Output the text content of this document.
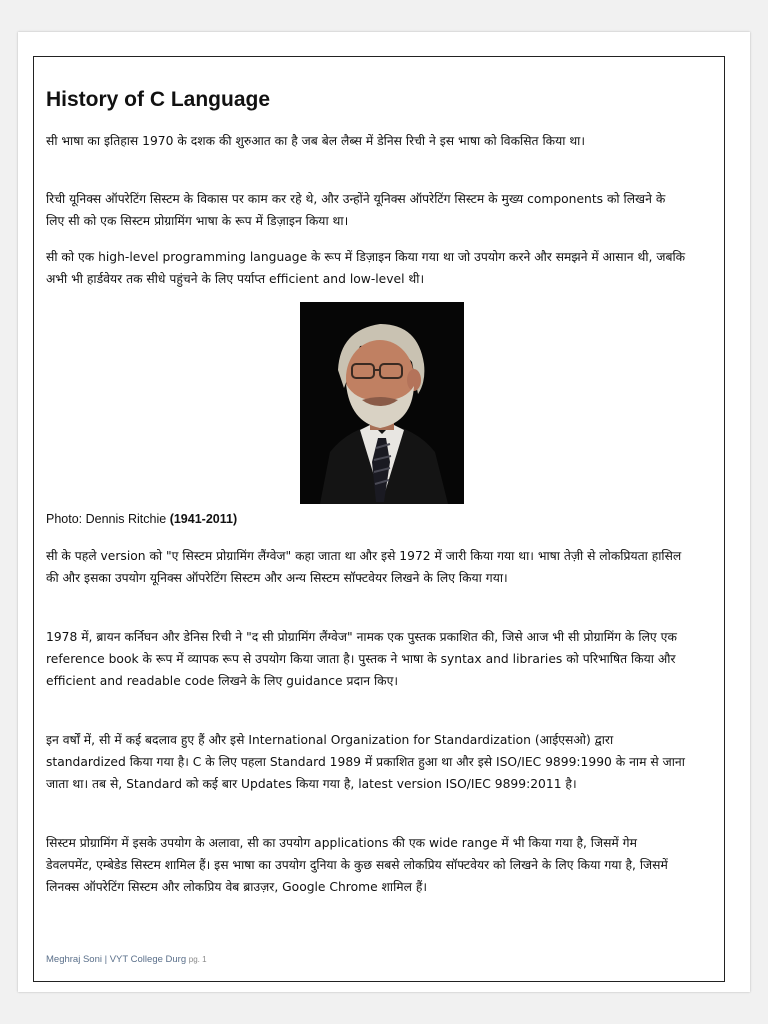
History of C Language

सी भाषा का इतिहास 1970 के दशक की शुरुआत का है जब बेल लैब्स में डेनिस रिची ने इस भाषा को विकसित किया था।

रिची यूनिक्स ऑपरेटिंग सिस्टम के विकास पर काम कर रहे थे, और उन्होंने यूनिक्स ऑपरेटिंग सिस्टम के मुख्य components को लिखने के लिए सी को एक सिस्टम प्रोग्रामिंग भाषा के रूप में डिज़ाइन किया था।

सी को एक high-level programming language के रूप में डिज़ाइन किया गया था जो उपयोग करने और समझने में आसान थी, जबकि अभी भी हार्डवेयर तक सीधे पहुंचने के लिए पर्याप्त efficient and low-level थी।

Photo: Dennis Ritchie (1941-2011)

सी के पहले version को "ए सिस्टम प्रोग्रामिंग लैंग्वेज" कहा जाता था और इसे 1972 में जारी किया गया था। भाषा तेज़ी से लोकप्रियता हासिल की और इसका उपयोग यूनिक्स ऑपरेटिंग सिस्टम और अन्य सिस्टम सॉफ्टवेयर लिखने के लिए किया गया।

1978 में, ब्रायन कर्निघन और डेनिस रिची ने "द सी प्रोग्रामिंग लैंग्वेज" नामक एक पुस्तक प्रकाशित की, जिसे आज भी सी प्रोग्रामिंग के लिए एक reference book के रूप में व्यापक रूप से उपयोग किया जाता है। पुस्तक ने भाषा के syntax and libraries को परिभाषित किया और efficient and readable code लिखने के लिए guidance प्रदान किए।

इन वर्षों में, सी में कई बदलाव हुए हैं और इसे International Organization for Standardization (आईएसओ) द्वारा standardized किया गया है। C के लिए पहला Standard 1989 में प्रकाशित हुआ था और इसे ISO/IEC 9899:1990 के नाम से जाना जाता था। तब से, Standard को कई बार Updates किया गया है, latest version ISO/IEC 9899:2011 है।

सिस्टम प्रोग्रामिंग में इसके उपयोग के अलावा, सी का उपयोग applications की एक wide range में भी किया गया है, जिसमें गेम डेवलपमेंट, एम्बेडेड सिस्टम शामिल हैं। इस भाषा का उपयोग दुनिया के कुछ सबसे लोकप्रिय सॉफ्टवेयर को लिखने के लिए किया गया है, जिसमें लिनक्स ऑपरेटिंग सिस्टम और लोकप्रिय वेब ब्राउज़र, Google Chrome शामिल हैं।

Meghraj Soni | VYT College Durg pg. 1
